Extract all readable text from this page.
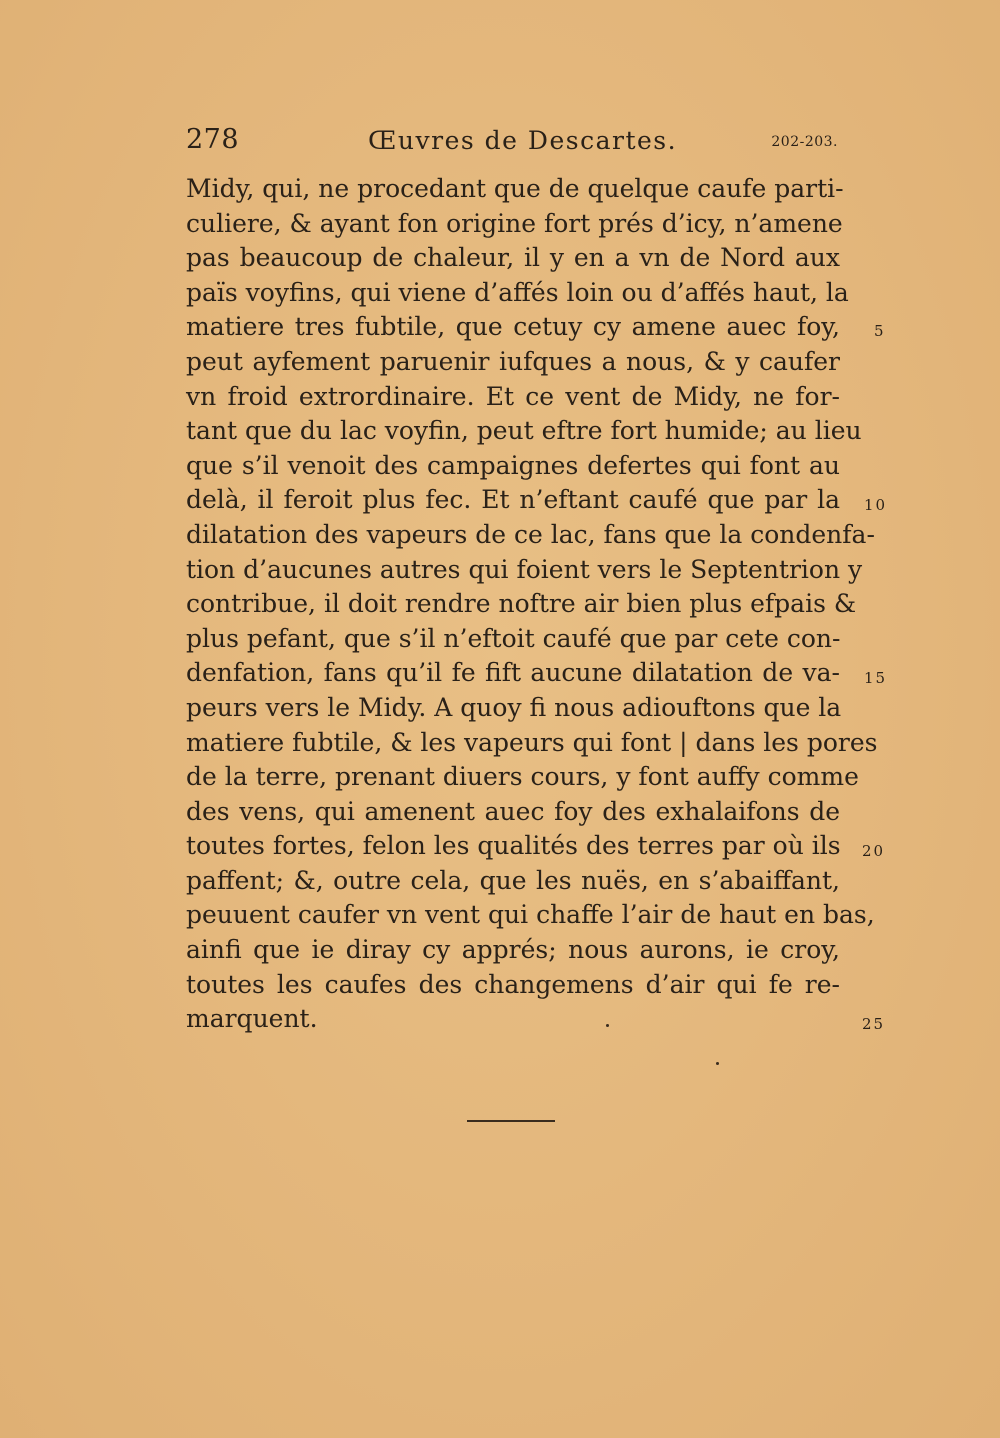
278	Œuvres de Descartes.	202-203.
Midy, qui, ne procedant que de quelque caufe parti-
culiere, & ayant fon origine fort prés d’icy, n’amene
pas beaucoup de chaleur, il y en a vn de Nord aux
païs voyfins, qui viene d’affés loin ou d’affés haut, la
matiere tres fubtile, que cetuy cy amene auec foy,
peut ayfement paruenir iufques a nous, & y caufer
vn froid extrordinaire. Et ce vent de Midy, ne for-
tant que du lac voyfin, peut eftre fort humide; au lieu
que s’il venoit des campaignes defertes qui font au
delà, il feroit plus fec. Et n’eftant caufé que par la
dilatation des vapeurs de ce lac, fans que la condenfa-
tion d’aucunes autres qui foient vers le Septentrion y
contribue, il doit rendre noftre air bien plus efpais &
plus pefant, que s’il n’eftoit caufé que par cete con-
denfation, fans qu’il fe fift aucune dilatation de va-
peurs vers le Midy. A quoy fi nous adiouftons que la
matiere fubtile, & les vapeurs qui font | dans les pores
de la terre, prenant diuers cours, y font auffy comme
des vens, qui amenent auec foy des exhalaifons de
toutes fortes, felon les qualités des terres par où ils
paffent; &, outre cela, que les nuës, en s’abaiffant,
peuuent caufer vn vent qui chaffe l’air de haut en bas,
ainfi que ie diray cy apprés; nous aurons, ie croy,
toutes les caufes des changemens d’air qui fe re-
marquent.
5
10
15
20
25
